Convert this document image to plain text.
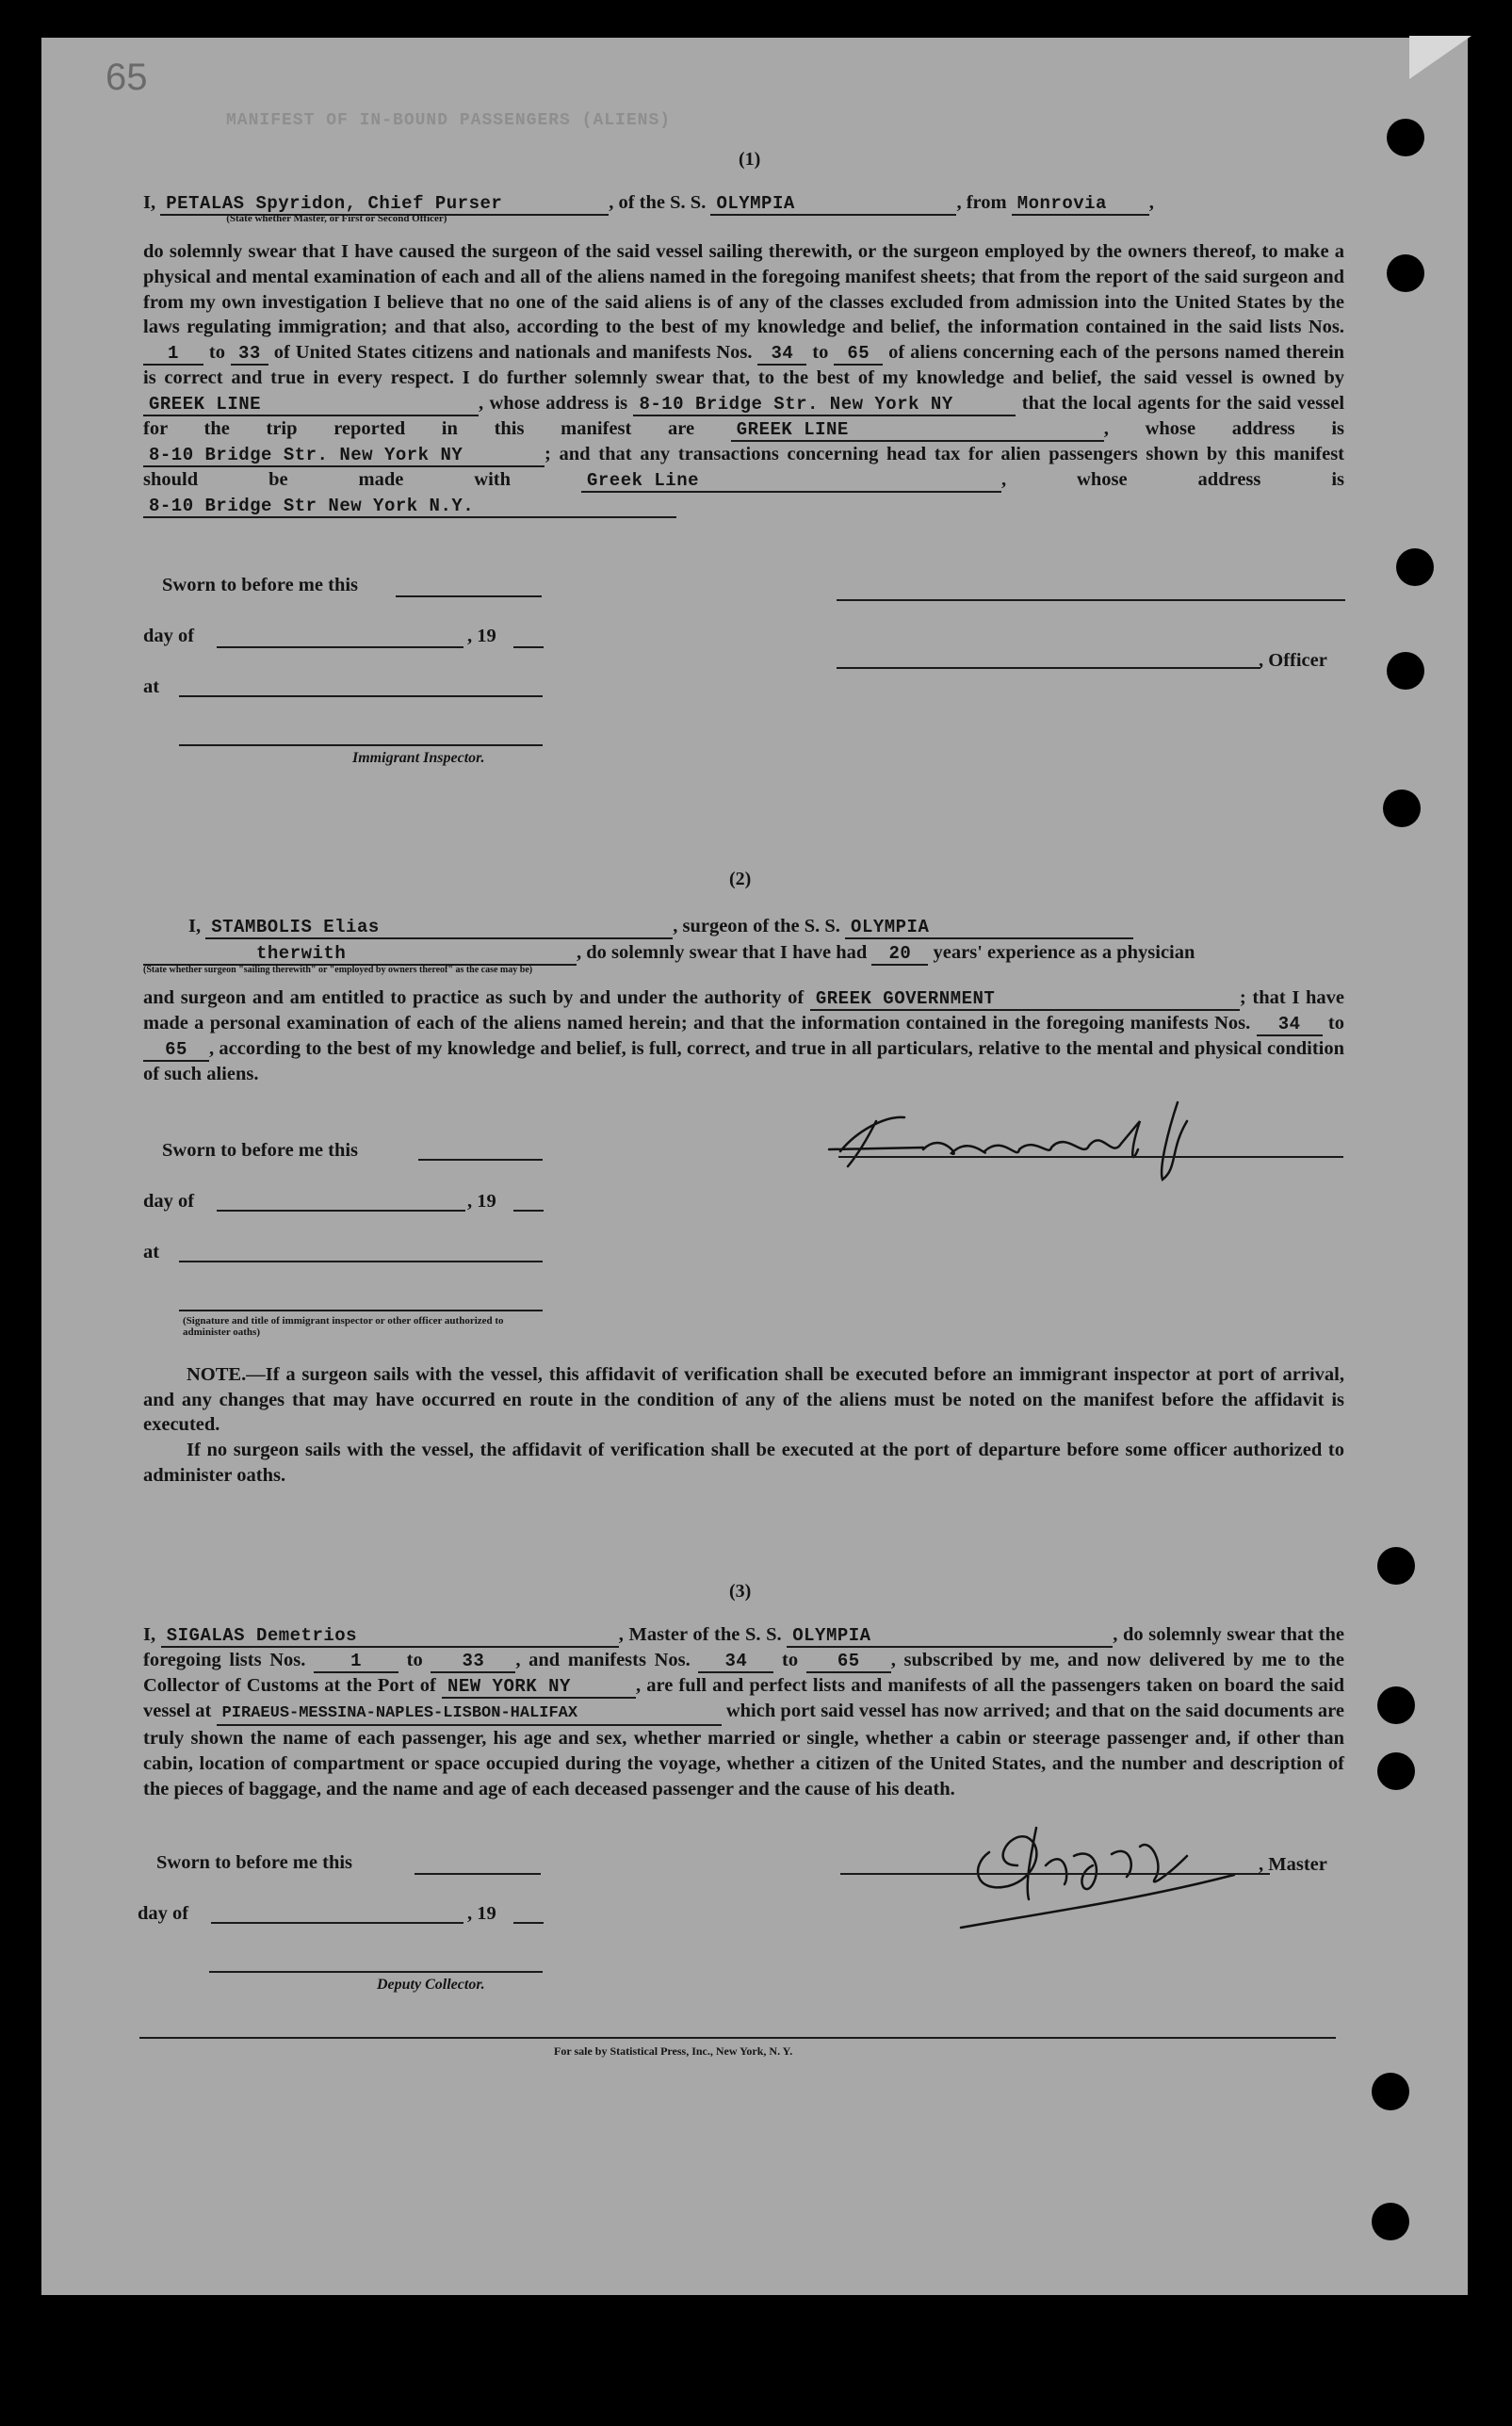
65
MANIFEST OF IN-BOUND PASSENGERS (ALIENS)
(1)
I, PETALAS Spyridon, Chief Purser
(State whether Master, or First or Second Officer)
, of the S. S. OLYMPIA	, from Monrovia ,
do solemnly swear that I have caused the surgeon of the said vessel sailing therewith, or the surgeon employed by the owners thereof, to make a physical and mental examination of each and all of the aliens named in the foregoing manifest sheets; that from the report of the said surgeon and from my own investigation I believe that no one of the said aliens is of any of the classes excluded from admission into the United States by the laws regulating immigration; and that also, according to the best of my knowledge and belief, the information contained in the said lists Nos. 1 to 33 of United States citizens and nationals and manifests Nos. 34 to 65 of aliens concerning each of the persons named therein is correct and true in every respect. I do further solemnly swear that, to the best of my knowledge and belief, the said vessel is owned by GREEK LINE	, whose address is 8-10 Bridge Str. New York NY	that the local agents for the said vessel for the trip reported in this manifest are GREEK LINE	, whose address is 8-10 Bridge Str. New York NY	; and that any transactions concerning head tax for alien passengers shown by this manifest should be made with	Greek Line	, whose address is 8-10 Bridge Str New York N.Y.
Sworn to before me this
day of	, 19
at
Immigrant Inspector.
, Officer
(2)
I, STAMBOLIS Elias	, surgeon of the S. S. OLYMPIA
therwith
(State whether surgeon "sailing therewith" or "employed by owners thereof" as the case may be)
, do solemnly swear that I have had 20 years' experience as a physician
and surgeon and am entitled to practice as such by and under the authority of GREEK GOVERNMENT	; that I have made a personal examination of each of the aliens named herein; and that the information contained in the foregoing manifests Nos. 34 to 65 , according to the best of my knowledge and belief, is full, correct, and true in all particulars, relative to the mental and physical condition of such aliens.
Sworn to before me this
day of	, 19
at
(Signature and title of immigrant inspector or other officer authorized to administer oaths)
NOTE.—If a surgeon sails with the vessel, this affidavit of verification shall be executed before an immigrant inspector at port of arrival, and any changes that may have occurred en route in the condition of any of the aliens must be noted on the manifest before the affidavit is executed.
If no surgeon sails with the vessel, the affidavit of verification shall be executed at the port of departure before some officer authorized to administer oaths.
(3)
I, SIGALAS Demetrios	, Master of the S. S. OLYMPIA	, do solemnly swear that the foregoing lists Nos.	1 to 33 , and manifests Nos. 34 to 65 , subscribed by me, and now delivered by me to the Collector of Customs at the Port of NEW YORK NY	, are full and perfect lists and manifests of all the passengers taken on board the said vessel at PIRAEUS-MESSINA-NAPLES-LISBON-HALIFAX	which port said vessel has now arrived; and that on the said documents are truly shown the name of each passenger, his age and sex, whether married or single, whether a cabin or steerage passenger and, if other than cabin, location of compartment or space occupied during the voyage, whether a citizen of the United States, and the number and description of the pieces of baggage, and the name and age of each deceased passenger and the cause of his death.
Sworn to before me this
day of	, 19
Deputy Collector.
, Master
For sale by Statistical Press, Inc., New York, N. Y.
